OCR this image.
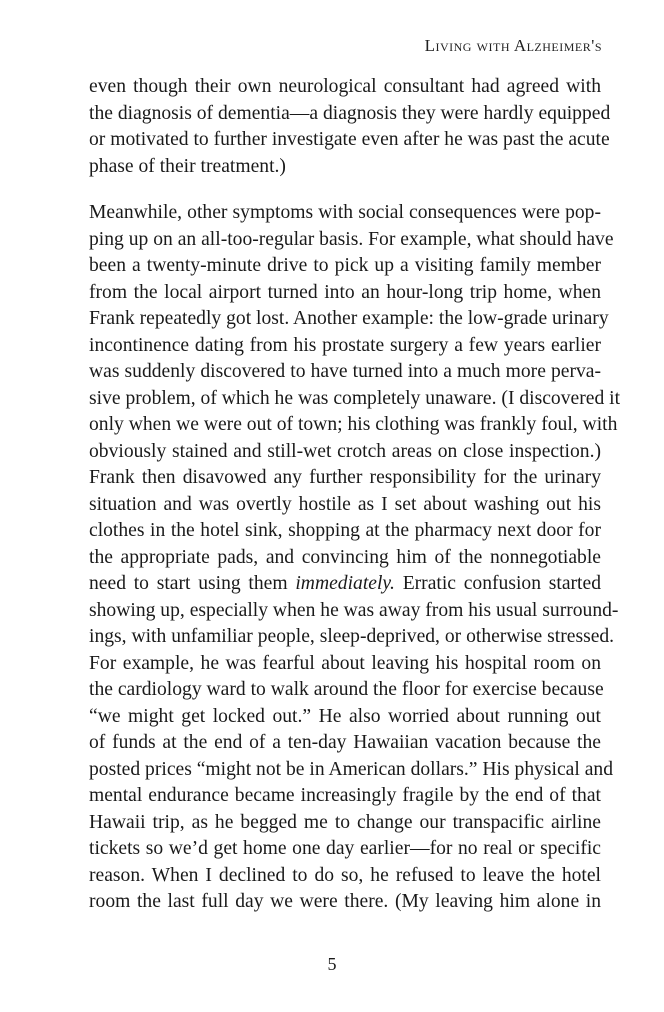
Living with Alzheimer's
even though their own neurological consultant had agreed with
the diagnosis of dementia—a diagnosis they were hardly equipped
or motivated to further investigate even after he was past the acute
phase of their treatment.)
Meanwhile, other symptoms with social consequences were pop-
ping up on an all-too-regular basis. For example, what should have
been a twenty-minute drive to pick up a visiting family member
from the local airport turned into an hour-long trip home, when
Frank repeatedly got lost. Another example: the low-grade urinary
incontinence dating from his prostate surgery a few years earlier
was suddenly discovered to have turned into a much more perva-
sive problem, of which he was completely unaware. (I discovered it
only when we were out of town; his clothing was frankly foul, with
obviously stained and still-wet crotch areas on close inspection.)
Frank then disavowed any further responsibility for the urinary
situation and was overtly hostile as I set about washing out his
clothes in the hotel sink, shopping at the pharmacy next door for
the appropriate pads, and convincing him of the nonnegotiable
need to start using them immediately. Erratic confusion started
showing up, especially when he was away from his usual surround-
ings, with unfamiliar people, sleep-deprived, or otherwise stressed.
For example, he was fearful about leaving his hospital room on
the cardiology ward to walk around the floor for exercise because
“we might get locked out.” He also worried about running out
of funds at the end of a ten-day Hawaiian vacation because the
posted prices “might not be in American dollars.” His physical and
mental endurance became increasingly fragile by the end of that
Hawaii trip, as he begged me to change our transpacific airline
tickets so we’d get home one day earlier—for no real or specific
reason. When I declined to do so, he refused to leave the hotel
room the last full day we were there. (My leaving him alone in
5
